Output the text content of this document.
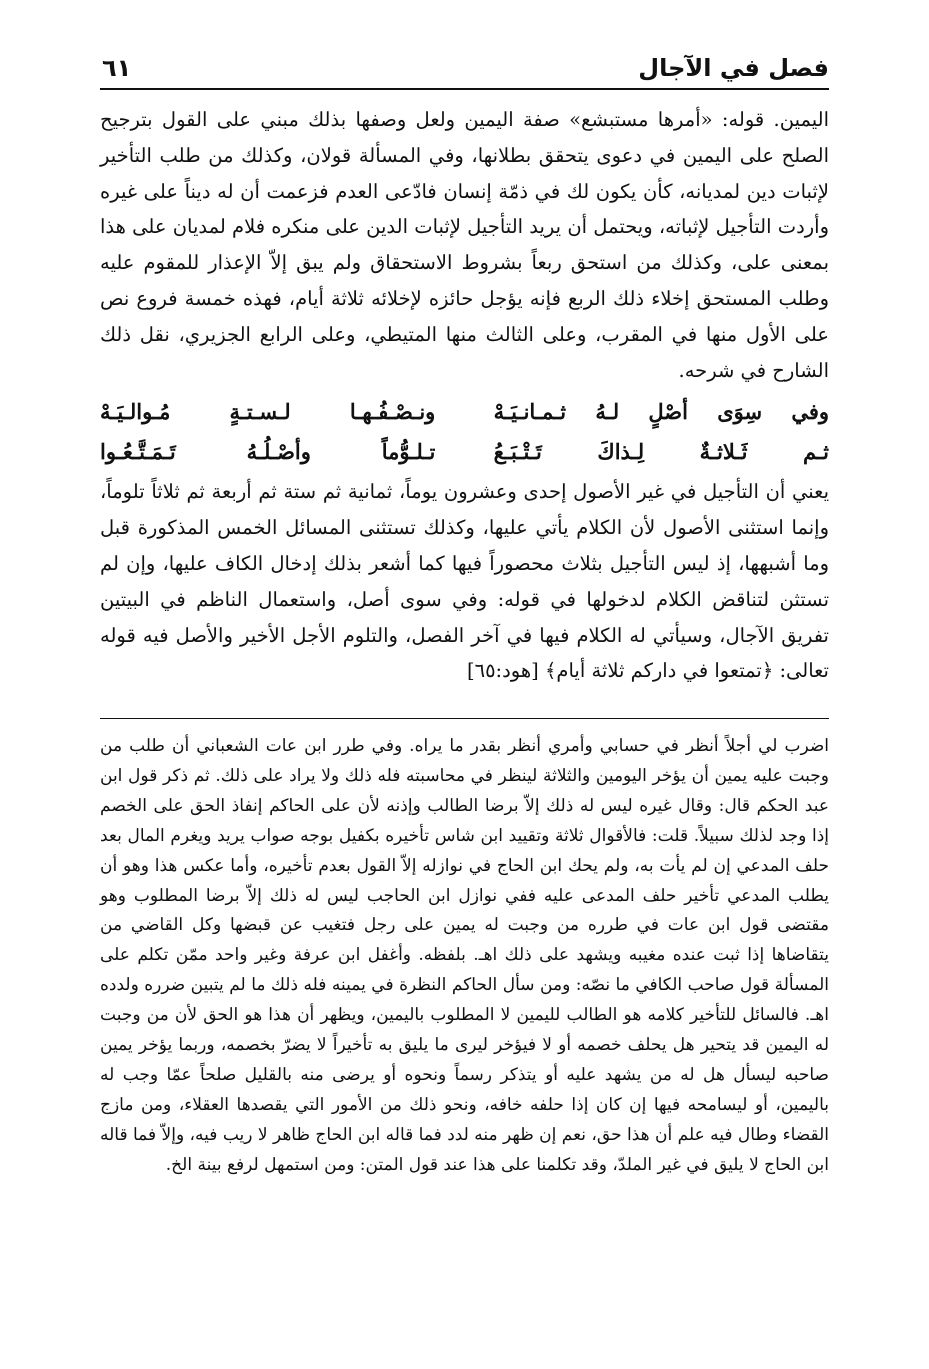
فصل في الآجال
٦١

اليمين. قوله: «أمرها مستبشع» صفة اليمين ولعل وصفها بذلك مبني على القول بترجيح الصلح على اليمين في دعوى يتحقق بطلانها، وفي المسألة قولان، وكذلك من طلب التأخير لإثبات دين لمديانه، كأن يكون لك في ذمّة إنسان فادّعى العدم فزعمت أن له ديناً على غيره وأردت التأجيل لإثباته، ويحتمل أن يريد التأجيل لإثبات الدين على منكره فلام لمديان على هذا بمعنى على، وكذلك من استحق ربعاً بشروط الاستحقاق ولم يبق إلاّ الإعذار للمقوم عليه وطلب المستحق إخلاء ذلك الربع فإنه يؤجل حائزه لإخلائه ثلاثة أيام، فهذه خمسة فروع نص على الأول منها في المقرب، وعلى الثالث منها المتيطي، وعلى الرابع الجزيري، نقل ذلك الشارح في شرحه.

وفي سِوَى أصْلٍ لـهُ ثـمـانـيَـهْ
ونـصْـفُـهـا لـسـتـةٍ مُـوالـيَـهْ
ثـم ثَـلاثـةٌ لِـذاكَ تَـتْـبَـعُ
تـلـوُّماً وأصْـلُـهُ تَـمَـتَّـعُـوا

يعني أن التأجيل في غير الأصول إحدى وعشرون يوماً، ثمانية ثم ستة ثم أربعة ثم ثلاثاً تلوماً، وإنما استثنى الأصول لأن الكلام يأتي عليها، وكذلك تستثنى المسائل الخمس المذكورة قبل وما أشبهها، إذ ليس التأجيل بثلاث محصوراً فيها كما أشعر بذلك إدخال الكاف عليها، وإن لم تستثن لتناقض الكلام لدخولها في قوله: وفي سوى أصل، واستعمال الناظم في البيتين تفريق الآجال، وسيأتي له الكلام فيها في آخر الفصل، والتلوم الأجل الأخير والأصل فيه قوله تعالى: ﴿تمتعوا في داركم ثلاثة أيام﴾ [هود:٦٥]

اضرب لي أجلاً أنظر في حسابي وأمري أنظر بقدر ما يراه. وفي طرر ابن عات الشعباني أن طلب من وجبت عليه يمين أن يؤخر اليومين والثلاثة لينظر في محاسبته فله ذلك ولا يراد على ذلك. ثم ذكر قول ابن عبد الحكم قال: وقال غيره ليس له ذلك إلاّ برضا الطالب وإذنه لأن على الحاكم إنفاذ الحق على الخصم إذا وجد لذلك سبيلاً. قلت: فالأقوال ثلاثة وتقييد ابن شاس تأخيره بكفيل بوجه صواب يريد ويغرم المال بعد حلف المدعي إن لم يأت به، ولم يحك ابن الحاج في نوازله إلاّ القول بعدم تأخيره، وأما عكس هذا وهو أن يطلب المدعي تأخير حلف المدعى عليه ففي نوازل ابن الحاجب ليس له ذلك إلاّ برضا المطلوب وهو مقتضى قول ابن عات في طرره من وجبت له يمين على رجل فتغيب عن قبضها وكل القاضي من يتقاضاها إذا ثبت عنده مغيبه ويشهد على ذلك اهـ. بلفظه. وأغفل ابن عرفة وغير واحد ممّن تكلم على المسألة قول صاحب الكافي ما نصّه: ومن سأل الحاكم النظرة في يمينه فله ذلك ما لم يتبين ضرره ولدده اهـ. فالسائل للتأخير كلامه هو الطالب لليمين لا المطلوب باليمين، ويظهر أن هذا هو الحق لأن من وجبت له اليمين قد يتحير هل يحلف خصمه أو لا فيؤخر ليرى ما يليق به تأخيراً لا يضرّ بخصمه، وربما يؤخر يمين صاحبه ليسأل هل له من يشهد عليه أو يتذكر رسماً ونحوه أو يرضى منه بالقليل صلحاً عمّا وجب له باليمين، أو ليسامحه فيها إن كان إذا حلفه خافه، ونحو ذلك من الأمور التي يقصدها العقلاء، ومن مازج القضاء وطال فيه علم أن هذا حق، نعم إن ظهر منه لدد فما قاله ابن الحاج ظاهر لا ريب فيه، وإلاّ فما قاله ابن الحاج لا يليق في غير الملدّ، وقد تكلمنا على هذا عند قول المتن: ومن استمهل لرفع بينة الخ.
